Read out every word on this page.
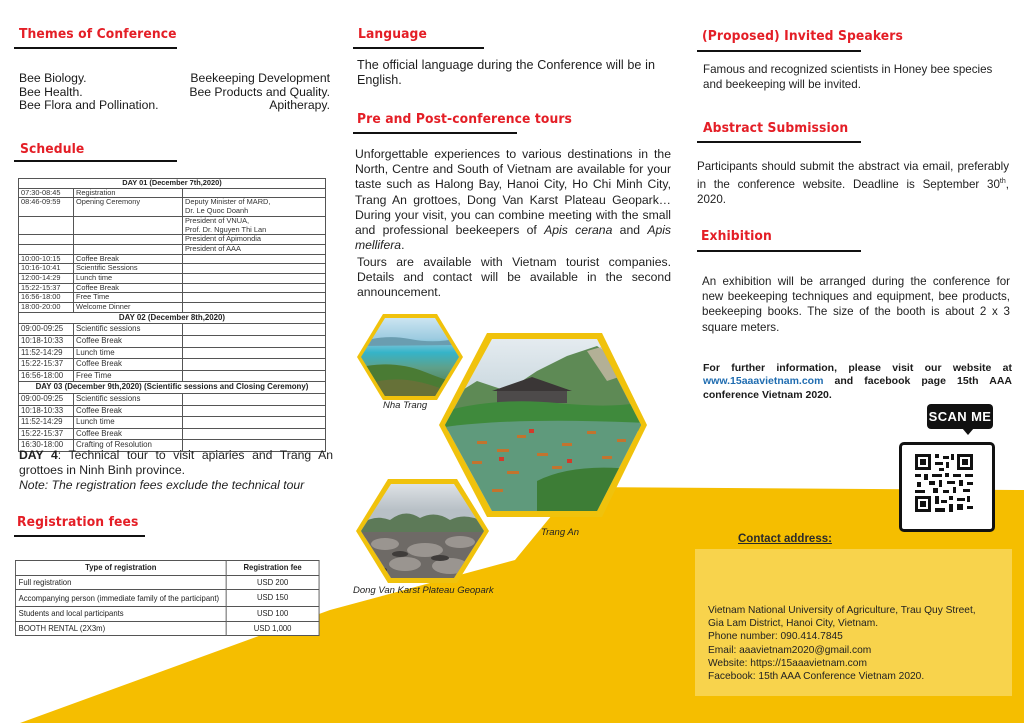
Themes of Conference
Bee Biology.
Bee Health.
Bee Flora and Pollination.
Beekeeping Development
Bee Products and Quality.
Apitherapy.
Schedule
DAY 01 (December 7th,2020)		
07:30-08:45	Registration	
08:46-09:59	Opening Ceremony	Deputy Minister of MARD,
		Dr. Le Quoc Doanh
		President of VNUA,
		Prof. Dr. Nguyen Thi Lan
		President of Apimondia
		President of AAA
10:00-10:15	Coffee Break	
10:16-10:41	Scientific Sessions	
12:00-14:29	Lunch time	
15:22-15:37	Coffee Break	
16:56-18:00	Free Time	
18:00-20:00	Welcome Dinner	
DAY 02 (December 8th,2020)		
09:00-09:25	Scientific sessions	
10:18-10:33	Coffee Break	
11:52-14:29	Lunch time	
15:22-15:37	Coffee Break	
16:56-18:00	Free Time	
DAY 03 (December 9th,2020) (Scientific sessions and Closing Ceremony)		
09:00-09:25	Scientific sessions	
10:18-10:33	Coffee Break	
11:52-14:29	Lunch time	
15:22-15:37	Coffee Break	
16:30-18:00	Crafting of Resolution	
DAY 4: Technical tour to visit apiaries and Trang An grottoes in Ninh Binh province.
Note: The registration fees exclude the technical tour
Registration fees
Type of registration	Registration fee
Full registration	USD 200
Accompanying person (immediate family of the participant)	USD 150
Students and local participants	USD 100
BOOTH RENTAL (2X3m)	USD 1,000
Language
The official language during the Conference will be in English.
Pre and Post-conference tours
Unforgettable experiences to various destinations in the North, Centre and South of Vietnam are available for your taste such as Halong Bay, Hanoi City, Ho Chi Minh City, Trang An grottoes, Dong Van Karst Plateau Geopark… During your visit, you can combine meeting with the small and professional beekeepers of Apis cerana and Apis mellifera.
Tours are available with Vietnam tourist companies. Details and contact will be available in the second announcement.
Nha Trang
Trang An
Dong Van Karst Plateau Geopark
(Proposed) Invited Speakers
Famous and recognized scientists in Honey bee species and beekeeping will be invited.
Abstract Submission
Participants should submit the abstract via email, preferably in the conference website. Deadline is September 30th, 2020.
Exhibition
An exhibition will be arranged during the conference for new beekeeping techniques and equipment, bee products, beekeeping books. The size of the booth is about 2 x 3 square meters.
For further information, please visit our website at www.15aaavietnam.com and facebook page 15th AAA conference Vietnam 2020.
SCAN ME
Contact address:
Vietnam National University of Agriculture, Trau Quy Street,
Gia Lam District, Hanoi City, Vietnam.
Phone number: 090.414.7845
Email: aaavietnam2020@gmail.com
Website: https://15aaavietnam.com
Facebook: 15th AAA Conference Vietnam 2020.
